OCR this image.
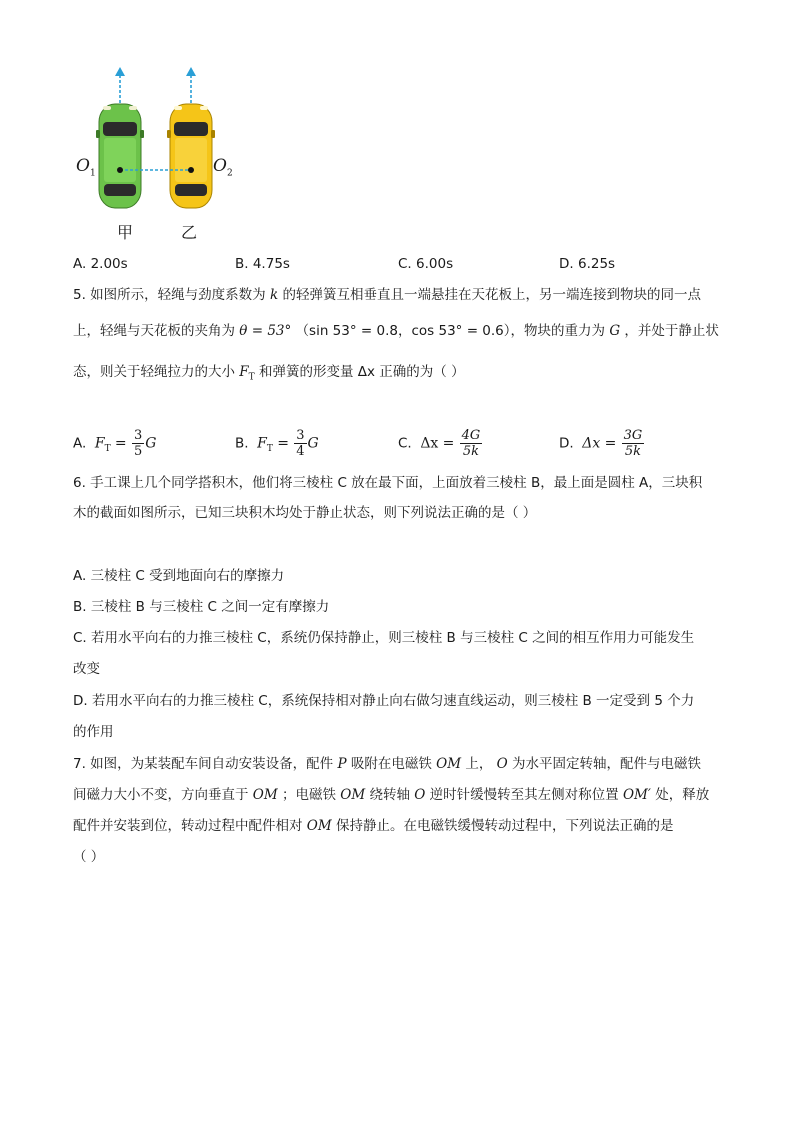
$O_1$	$O_2$
甲	乙
A. 2.00s	B. 4.75s	C. 6.00s	D. 6.25s
5. 如图所示，轻绳与劲度系数为 k 的轻弹簧互相垂直且一端悬挂在天花板上，另一端连接到物块的同一点
上，轻绳与天花板的夹角为 θ = 53° （sin 53° = 0.8，cos 53° = 0.6），物块的重力为 G ，并处于静止状
态，则关于轻绳拉力的大小 $F_T$ 和弹簧的形变量 Δx 正确的为（ ）
A. $F_T = \frac{3}{5}$ G	B. $F_T = \frac{3}{4}$ G	C. $\Delta x = \frac{4G}{5k}$	D. $\Delta x = \frac{3G}{5k}$
6. 手工课上几个同学搭积木，他们将三棱柱 C 放在最下面，上面放着三棱柱 B，最上面是圆柱 A，三块积
木的截面如图所示，已知三块积木均处于静止状态，则下列说法正确的是（ ）
A. 三棱柱 C 受到地面向右的摩擦力
B. 三棱柱 B 与三棱柱 C 之间一定有摩擦力
C. 若用水平向右的力推三棱柱 C，系统仍保持静止，则三棱柱 B 与三棱柱 C 之间的相互作用力可能发生
改变
D. 若用水平向右的力推三棱柱 C，系统保持相对静止向右做匀速直线运动，则三棱柱 B 一定受到 5 个力
的作用
7. 如图，为某装配车间自动安装设备，配件 P 吸附在电磁铁 OM 上， O 为水平固定转轴，配件与电磁铁
间磁力大小不变，方向垂直于 OM ；电磁铁 OM 绕转轴 O 逆时针缓慢转至其左侧对称位置 OM′ 处，释放
配件并安装到位，转动过程中配件相对 OM 保持静止。在电磁铁缓慢转动过程中，下列说法正确的是
（ ）
